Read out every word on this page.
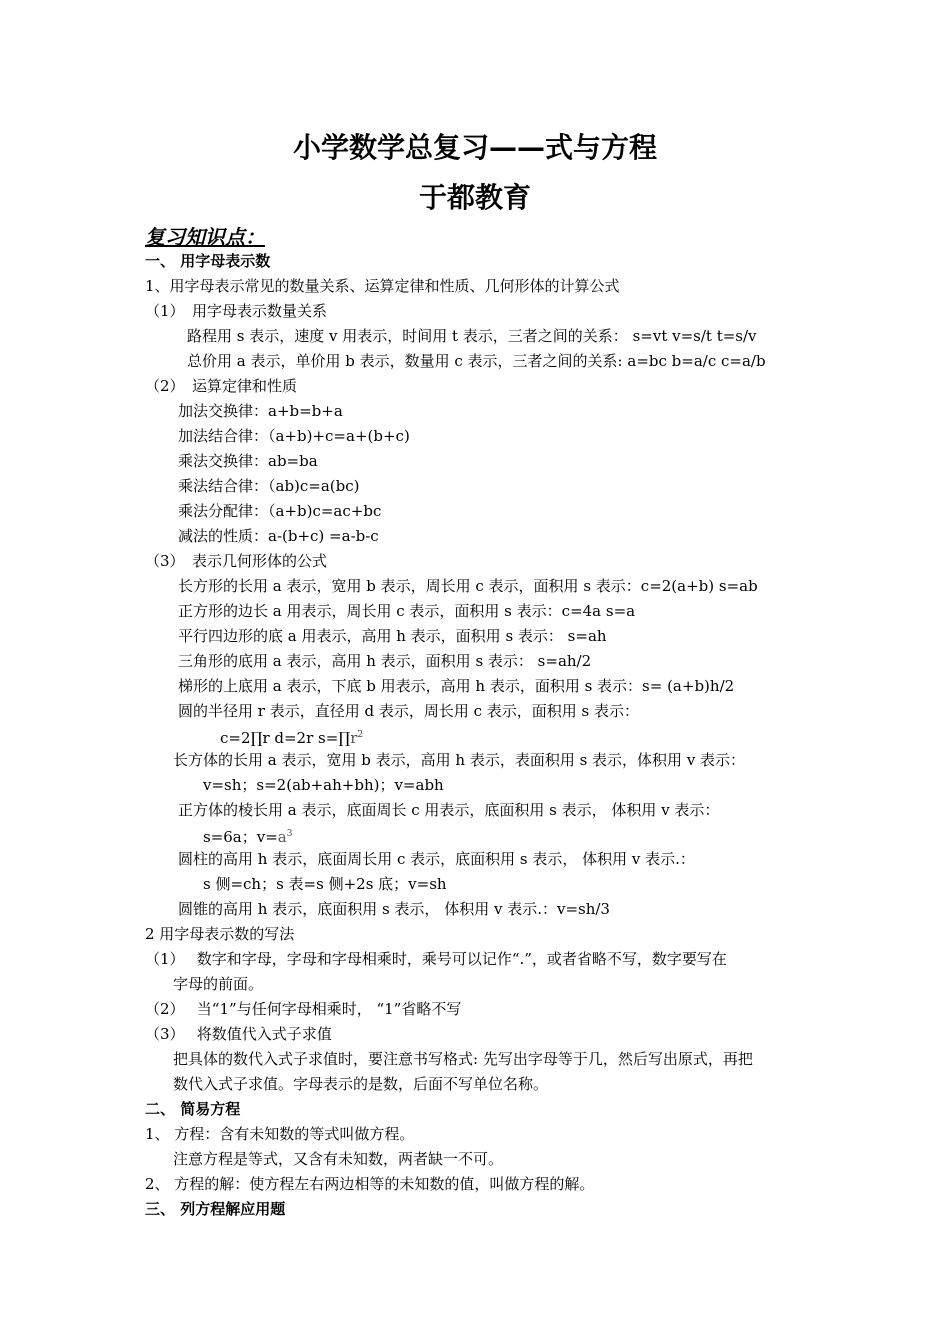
小学数学总复习——式与方程
于都教育
复习知识点：
一、 用字母表示数
1、用字母表示常见的数量关系、运算定律和性质、几何形体的计算公式
（1）　用字母表示数量关系
路程用 s 表示，速度 v 用表示，时间用 t 表示，三者之间的关系： s=vt v=s/t t=s/v
总价用 a 表示，单价用 b 表示，数量用 c 表示，三者之间的关系: a=bc b=a/c c=a/b
（2）　运算定律和性质
加法交换律：a+b=b+a
加法结合律：（a+b)+c=a+(b+c)
乘法交换律：ab=ba
乘法结合律：（ab)c=a(bc)
乘法分配律：（a+b)c=ac+bc
减法的性质：a-(b+c) =a-b-c
（3）　表示几何形体的公式
长方形的长用 a 表示，宽用 b 表示，周长用 c 表示，面积用 s 表示：c=2(a+b) s=ab
正方形的边长 a 用表示，周长用 c 表示，面积用 s 表示：c=4a s=a
平行四边形的底 a 用表示，高用 h 表示，面积用 s 表示： s=ah
三角形的底用 a 表示，高用 h 表示，面积用 s 表示： s=ah/2
梯形的上底用 a 表示，下底 b 用表示，高用 h 表示，面积用 s 表示：s= (a+b)h/2
圆的半径用 r 表示，直径用 d 表示，周长用 c 表示，面积用 s 表示：
c=2∏r d=2r $s=\prod r^2$
长方体的长用 a 表示，宽用 b 表示，高用 h 表示，表面积用 s 表示，体积用 v 表示：
v=sh；s=2(ab+ah+bh)；v=abh
正方体的棱长用 a 表示，底面周长 c 用表示，底面积用 s 表示， 体积用 v 表示：
s=6a；$v=a^3$
圆柱的高用 h 表示，底面周长用 c 表示，底面积用 s 表示， 体积用 v 表示.：
s 侧=ch；s 表=s 侧+2s 底；v=sh
圆锥的高用 h 表示，底面积用 s 表示， 体积用 v 表示.：v=sh/3
2 用字母表示数的写法
（1）　 数字和字母，字母和字母相乘时，乘号可以记作“.”，或者省略不写，数字要写在
字母的前面。
（2）　 当“1”与任何字母相乘时， “1”省略不写
（3）　 将数值代入式子求值
把具体的数代入式子求值时，要注意书写格式: 先写出字母等于几，然后写出原式，再把
数代入式子求值。字母表示的是数，后面不写单位名称。
二、 简易方程
1、 方程：含有未知数的等式叫做方程。
注意方程是等式，又含有未知数，两者缺一不可。
2、 方程的解：使方程左右两边相等的未知数的值，叫做方程的解。
三、 列方程解应用题
